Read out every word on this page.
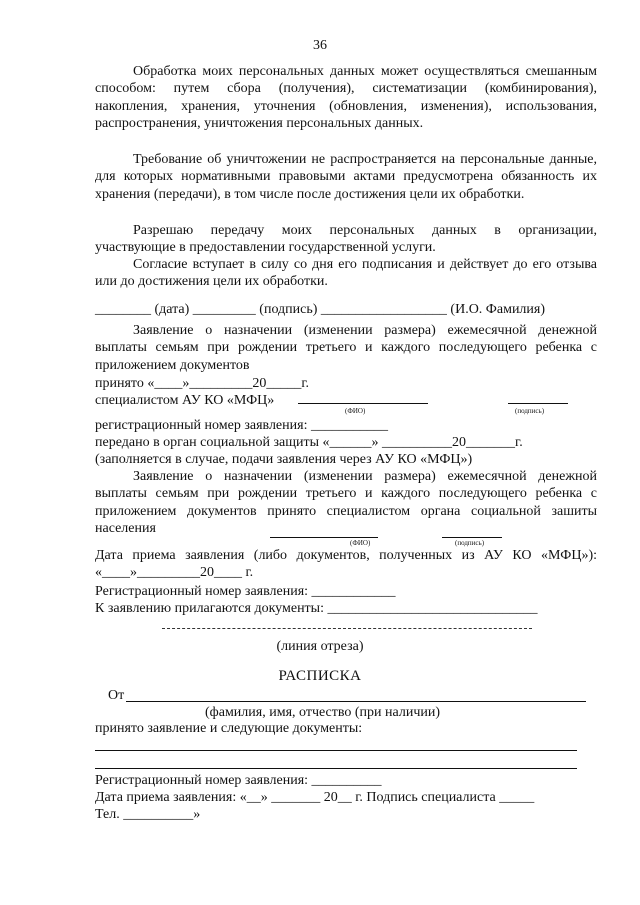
36
Обработка моих персональных данных может осуществляться смешанным способом: путем сбора (получения), систематизации (комбинирования), накопления, хранения, уточнения (обновления, изменения), использования, распространения, уничтожения персональных данных.
Требование об уничтожении не распространяется на персональные данные, для которых нормативными правовыми актами предусмотрена обязанность их хранения (передачи), в том числе после достижения цели их обработки.
Разрешаю передачу моих персональных данных в организации, участвующие в предоставлении государственной услуги.
Согласие вступает в силу со дня его подписания и действует до его отзыва или до достижения цели их обработки.
________ (дата) _________ (подпись) __________________ (И.О. Фамилия)
Заявление о назначении (изменении размера) ежемесячной денежной выплаты семьям при рождении третьего и каждого последующего ребенка с приложением документов
принято «____»_________20_____г.
специалистом АУ КО «МФЦ»
(ФИО)	(подпись)
регистрационный номер заявления: ___________
передано в орган социальной защиты «______» __________20_______г.
(заполняется в случае, подачи заявления через АУ КО «МФЦ»)
Заявление о назначении (изменении размера) ежемесячной денежной выплаты семьям при рождении третьего и каждого последующего ребенка с приложением документов принято специалистом органа социальной зашиты населения
(ФИО)	(подпись)
Дата приема заявления (либо документов, полученных из АУ КО «МФЦ»): «____»_________20____ г.
Регистрационный номер заявления: ____________
К заявлению прилагаются документы: ______________________________
(линия отреза)
РАСПИСКА
От
(фамилия, имя, отчество (при наличии)
принято заявление и следующие документы:
Регистрационный номер заявления: __________
Дата приема заявления: «__» _______ 20__ г. Подпись специалиста _____
Тел. __________»
